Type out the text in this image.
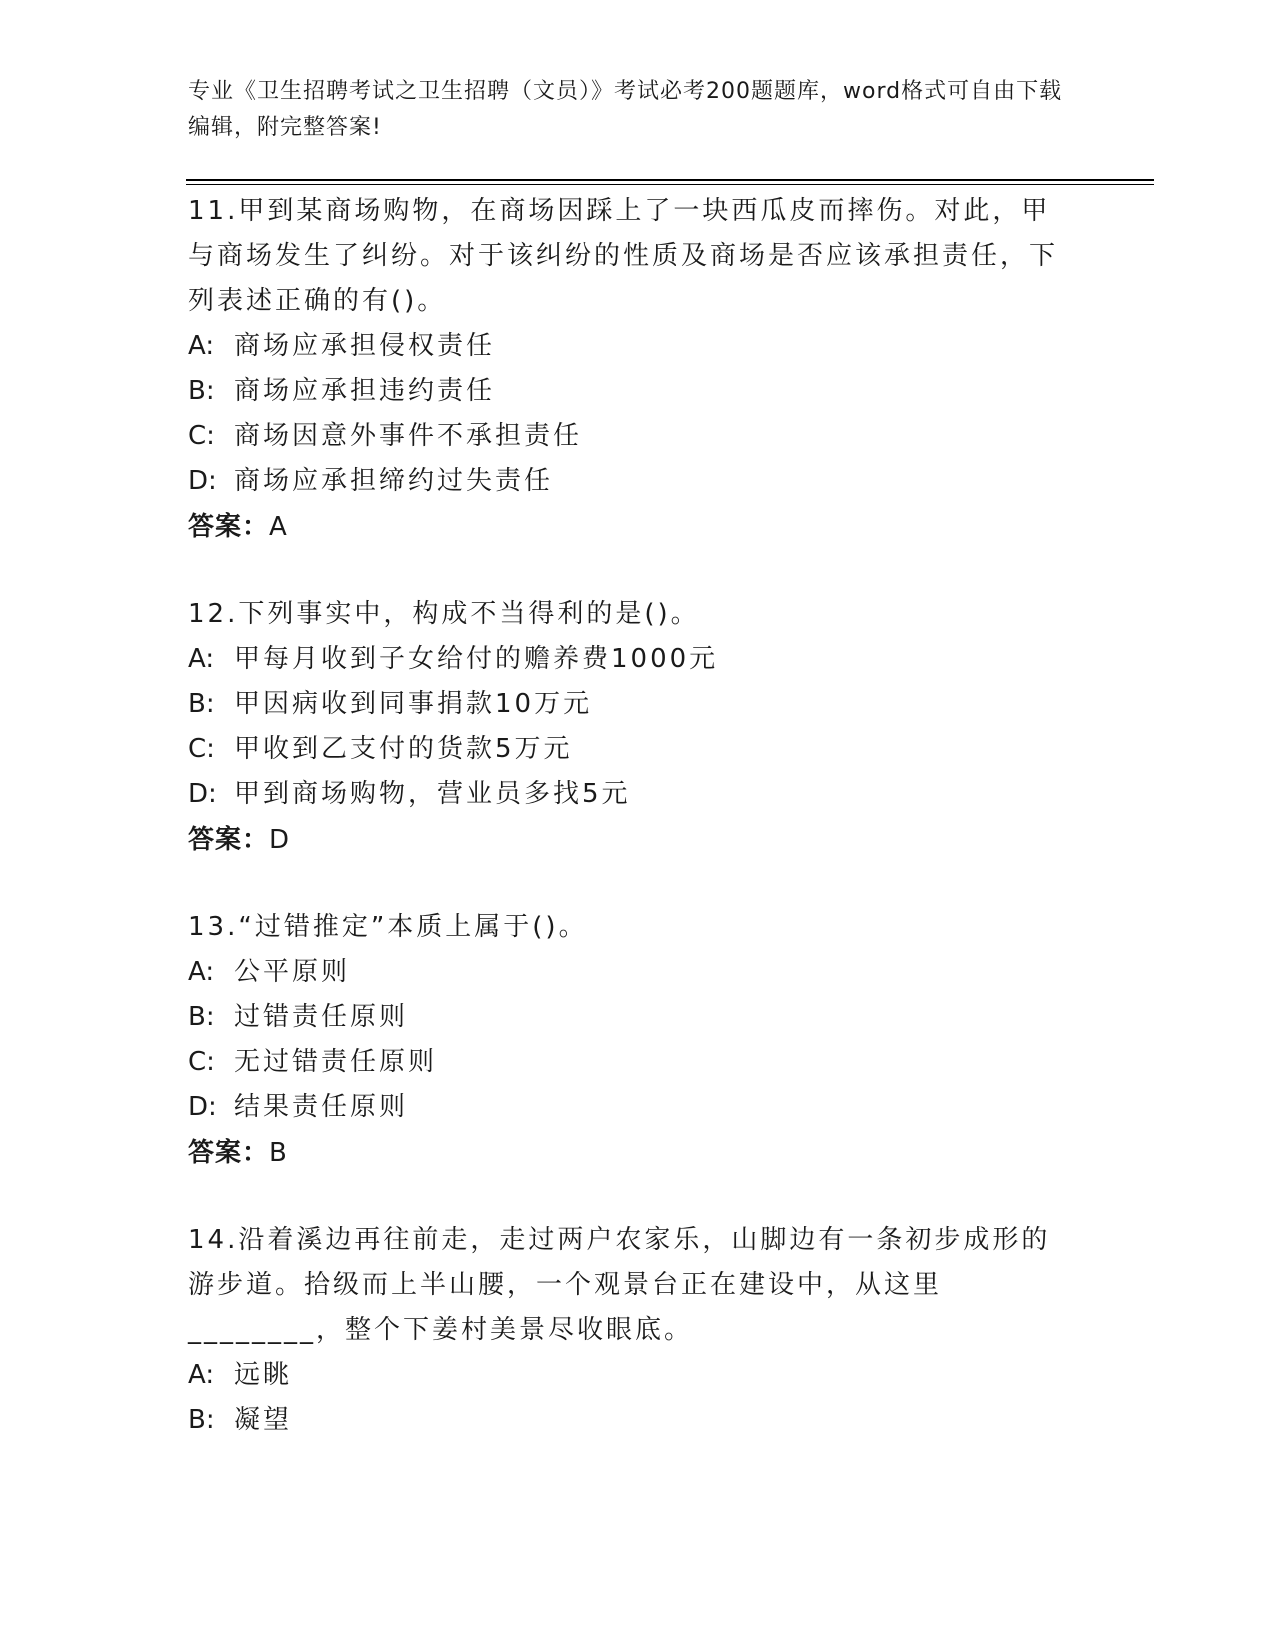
专业《卫生招聘考试之卫生招聘（文员）》考试必考200题题库，word格式可自由下载编辑，附完整答案!

11.甲到某商场购物，在商场因踩上了一块西瓜皮而摔伤。对此，甲与商场发生了纠纷。对于该纠纷的性质及商场是否应该承担责任，下列表述正确的有()。

A: 商场应承担侵权责任

B: 商场应承担违约责任

C: 商场因意外事件不承担责任

D: 商场应承担缔约过失责任

答案：A

12.下列事实中，构成不当得利的是()。

A: 甲每月收到子女给付的赡养费1000元

B: 甲因病收到同事捐款10万元

C: 甲收到乙支付的货款5万元

D: 甲到商场购物，营业员多找5元

答案：D

13.“过错推定”本质上属于()。

A: 公平原则

B: 过错责任原则

C: 无过错责任原则

D: 结果责任原则

答案：B

14.沿着溪边再往前走，走过两户农家乐，山脚边有一条初步成形的游步道。拾级而上半山腰，一个观景台正在建设中，从这里________，整个下姜村美景尽收眼底。

A: 远眺

B: 凝望
